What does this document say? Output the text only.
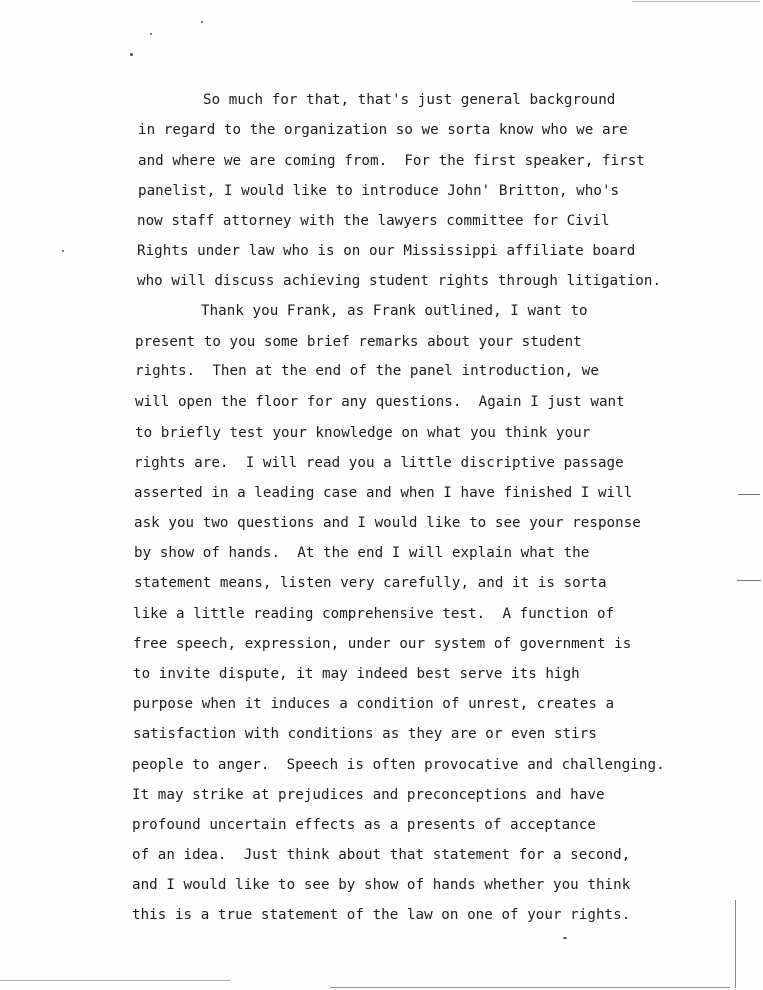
So much for that, that's just general background

in regard to the organization so we sorta know who we are

and where we are coming from.  For the first speaker, first

panelist, I would like to introduce John' Britton, who's

now staff attorney with the lawyers committee for Civil

Rights under law who is on our Mississippi affiliate board

who will discuss achieving student rights through litigation.

Thank you Frank, as Frank outlined, I want to

present to you some brief remarks about your student

rights.  Then at the end of the panel introduction, we

will open the floor for any questions.  Again I just want

to briefly test your knowledge on what you think your

rights are.  I will read you a little discriptive passage

asserted in a leading case and when I have finished I will

ask you two questions and I would like to see your response

by show of hands.  At the end I will explain what the

statement means, listen very carefully, and it is sorta

like a little reading comprehensive test.  A function of

free speech, expression, under our system of government is

to invite dispute, it may indeed best serve its high

purpose when it induces a condition of unrest, creates a

satisfaction with conditions as they are or even stirs

people to anger.  Speech is often provocative and challenging.

It may strike at prejudices and preconceptions and have

profound uncertain effects as a presents of acceptance

of an idea.  Just think about that statement for a second,

and I would like to see by show of hands whether you think

this is a true statement of the law on one of your rights.
